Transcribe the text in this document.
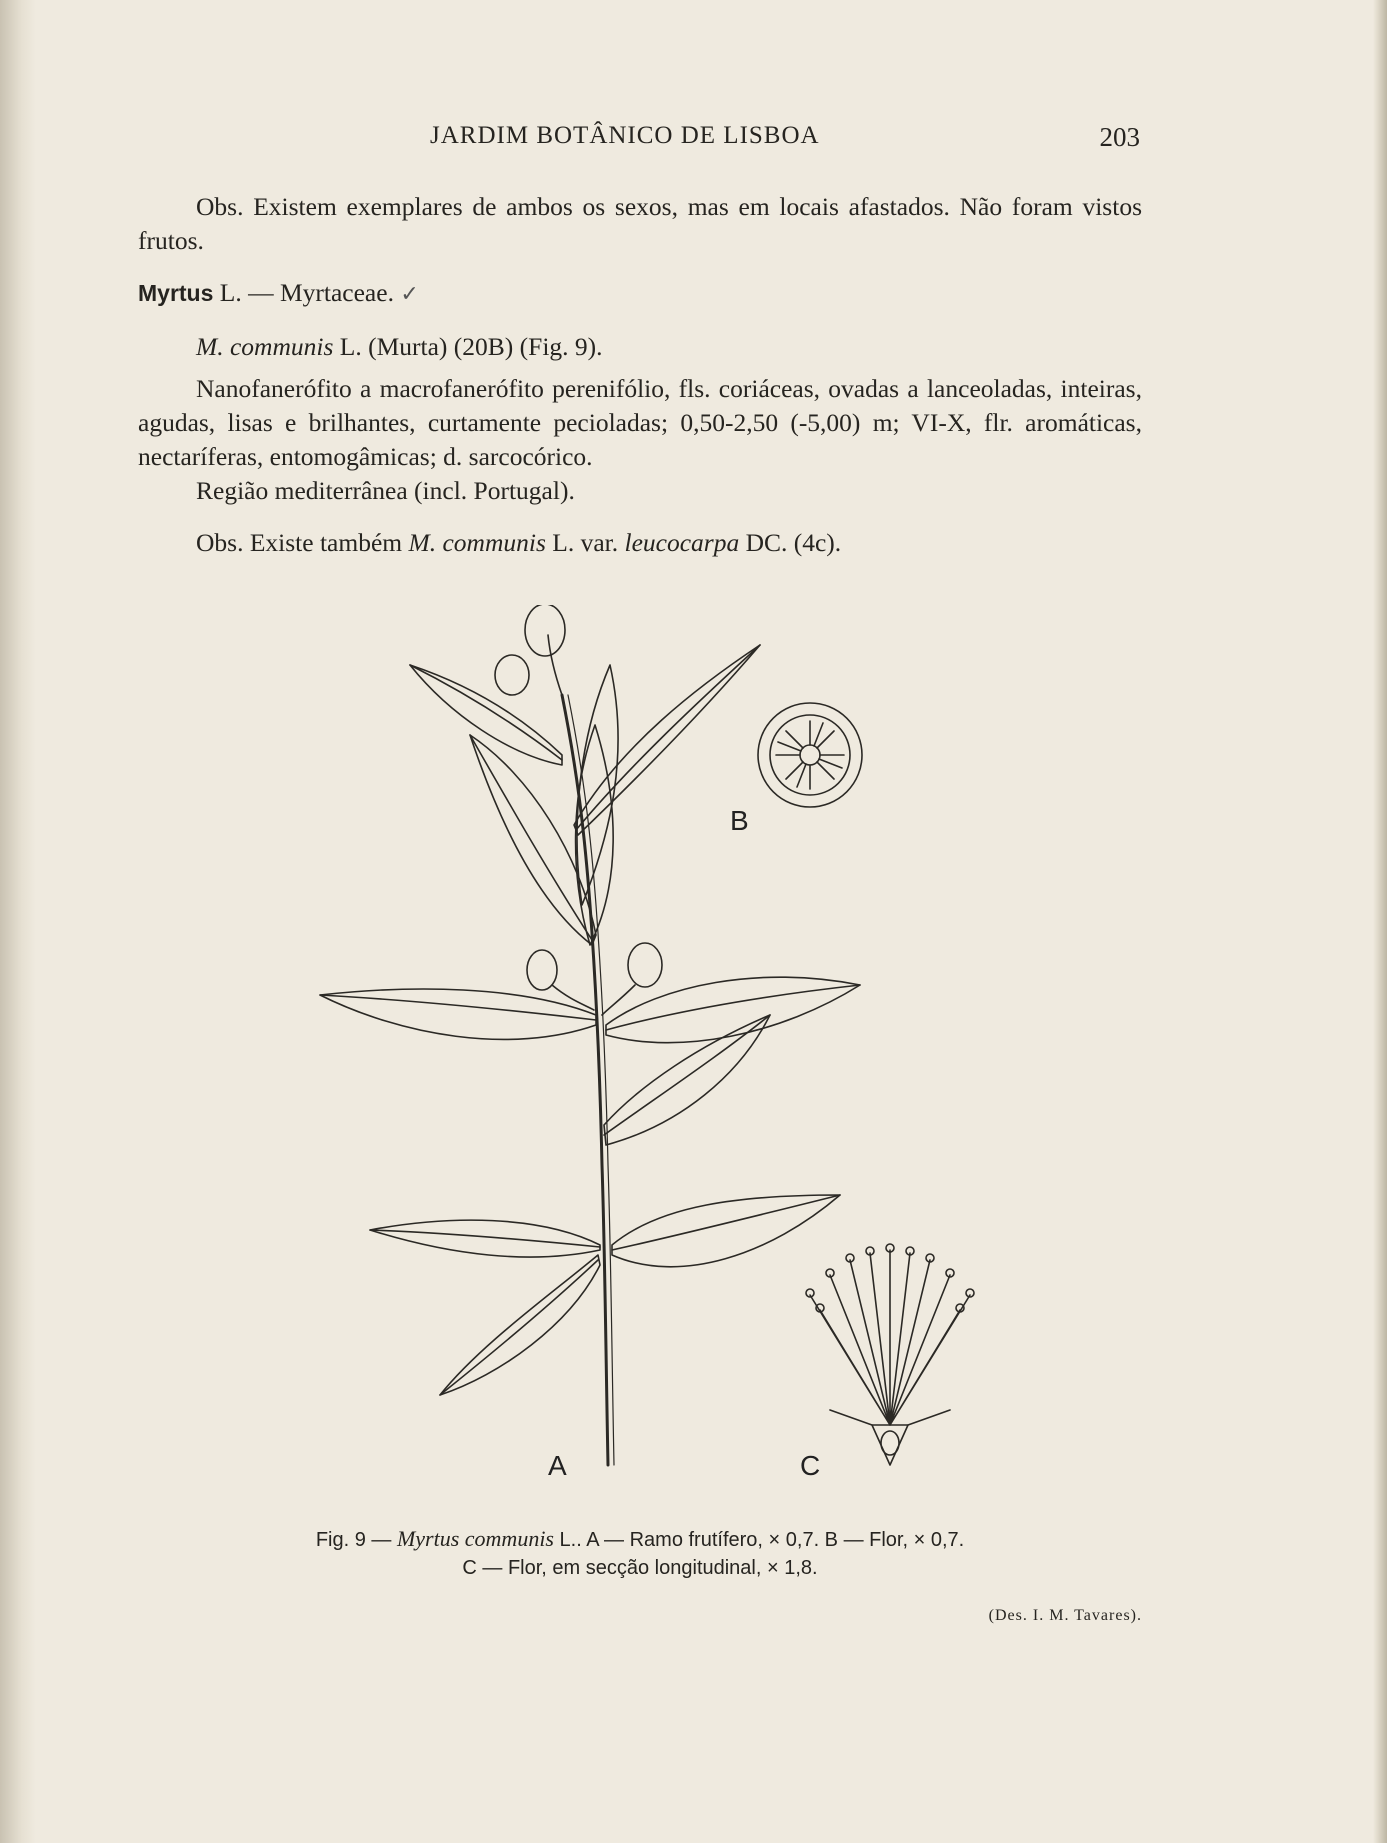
JARDIM BOTÂNICO DE LISBOA	203

Obs. Existem exemplares de ambos os sexos, mas em locais afastados. Não foram vistos frutos.

Myrtus L. — Myrtaceae. ✓

M. communis L. (Murta) (20B) (Fig. 9).

Nanofanerófito a macrofanerófito perenifólio, fls. coriáceas, ovadas a lanceoladas, inteiras, agudas, lisas e brilhantes, curtamente pecioladas; 0,50-2,50 (-5,00) m; VI-X, flr. aromáticas, nectaríferas, entomogâmicas; d. sarcocórico.

Região mediterrânea (incl. Portugal).

Obs. Existe também M. communis L. var. leucocarpa DC. (4c).

A
B
C
Fig. 9 — Myrtus communis L.. A — Ramo frutífero, × 0,7. B — Flor, × 0,7.
C — Flor, em secção longitudinal, × 1,8.
(Des. I. M. Tavares).
